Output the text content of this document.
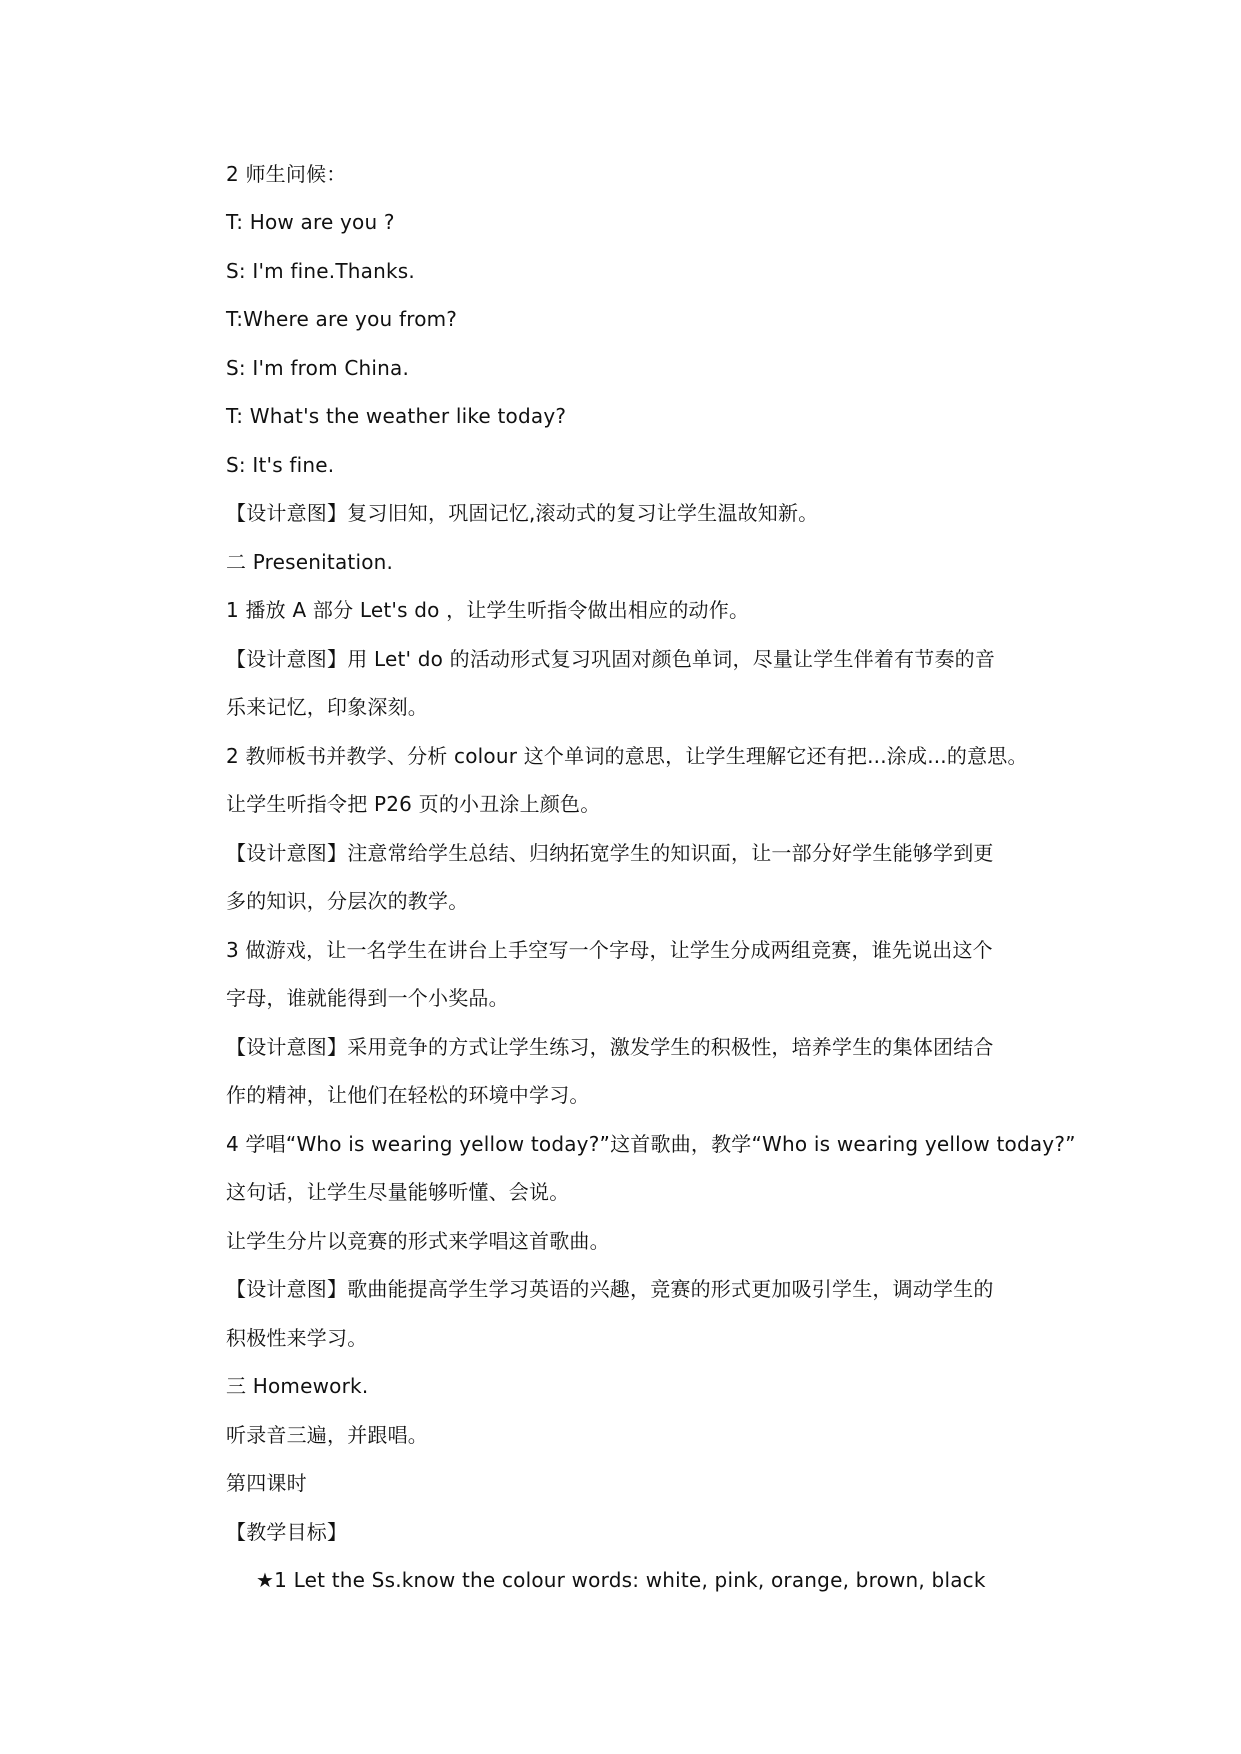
2 师生问候：
T: How are you ?
S: I'm fine.Thanks.
T:Where are you from?
S: I'm from China.
T: What's the weather like today?
S: It's fine.
【设计意图】复习旧知，巩固记忆,滚动式的复习让学生温故知新。
二 Presenitation.
1 播放 A 部分 Let's do ，让学生听指令做出相应的动作。
【设计意图】用 Let' do 的活动形式复习巩固对颜色单词，尽量让学生伴着有节奏的音
乐来记忆，印象深刻。
2 教师板书并教学、分析 colour 这个单词的意思，让学生理解它还有把...涂成...的意思。
让学生听指令把 P26 页的小丑涂上颜色。
【设计意图】注意常给学生总结、归纳拓宽学生的知识面，让一部分好学生能够学到更
多的知识，分层次的教学。
3 做游戏，让一名学生在讲台上手空写一个字母，让学生分成两组竞赛，谁先说出这个
字母，谁就能得到一个小奖品。
【设计意图】采用竞争的方式让学生练习，激发学生的积极性，培养学生的集体团结合
作的精神，让他们在轻松的环境中学习。
4 学唱“Who is wearing yellow today?”这首歌曲，教学“Who is wearing yellow today?”
这句话，让学生尽量能够听懂、会说。
让学生分片以竞赛的形式来学唱这首歌曲。
【设计意图】歌曲能提高学生学习英语的兴趣，竞赛的形式更加吸引学生，调动学生的
积极性来学习。
三 Homework.
听录音三遍，并跟唱。
第四课时
【教学目标】
★1 Let the Ss.know the colour words: white, pink, orange, brown, black
